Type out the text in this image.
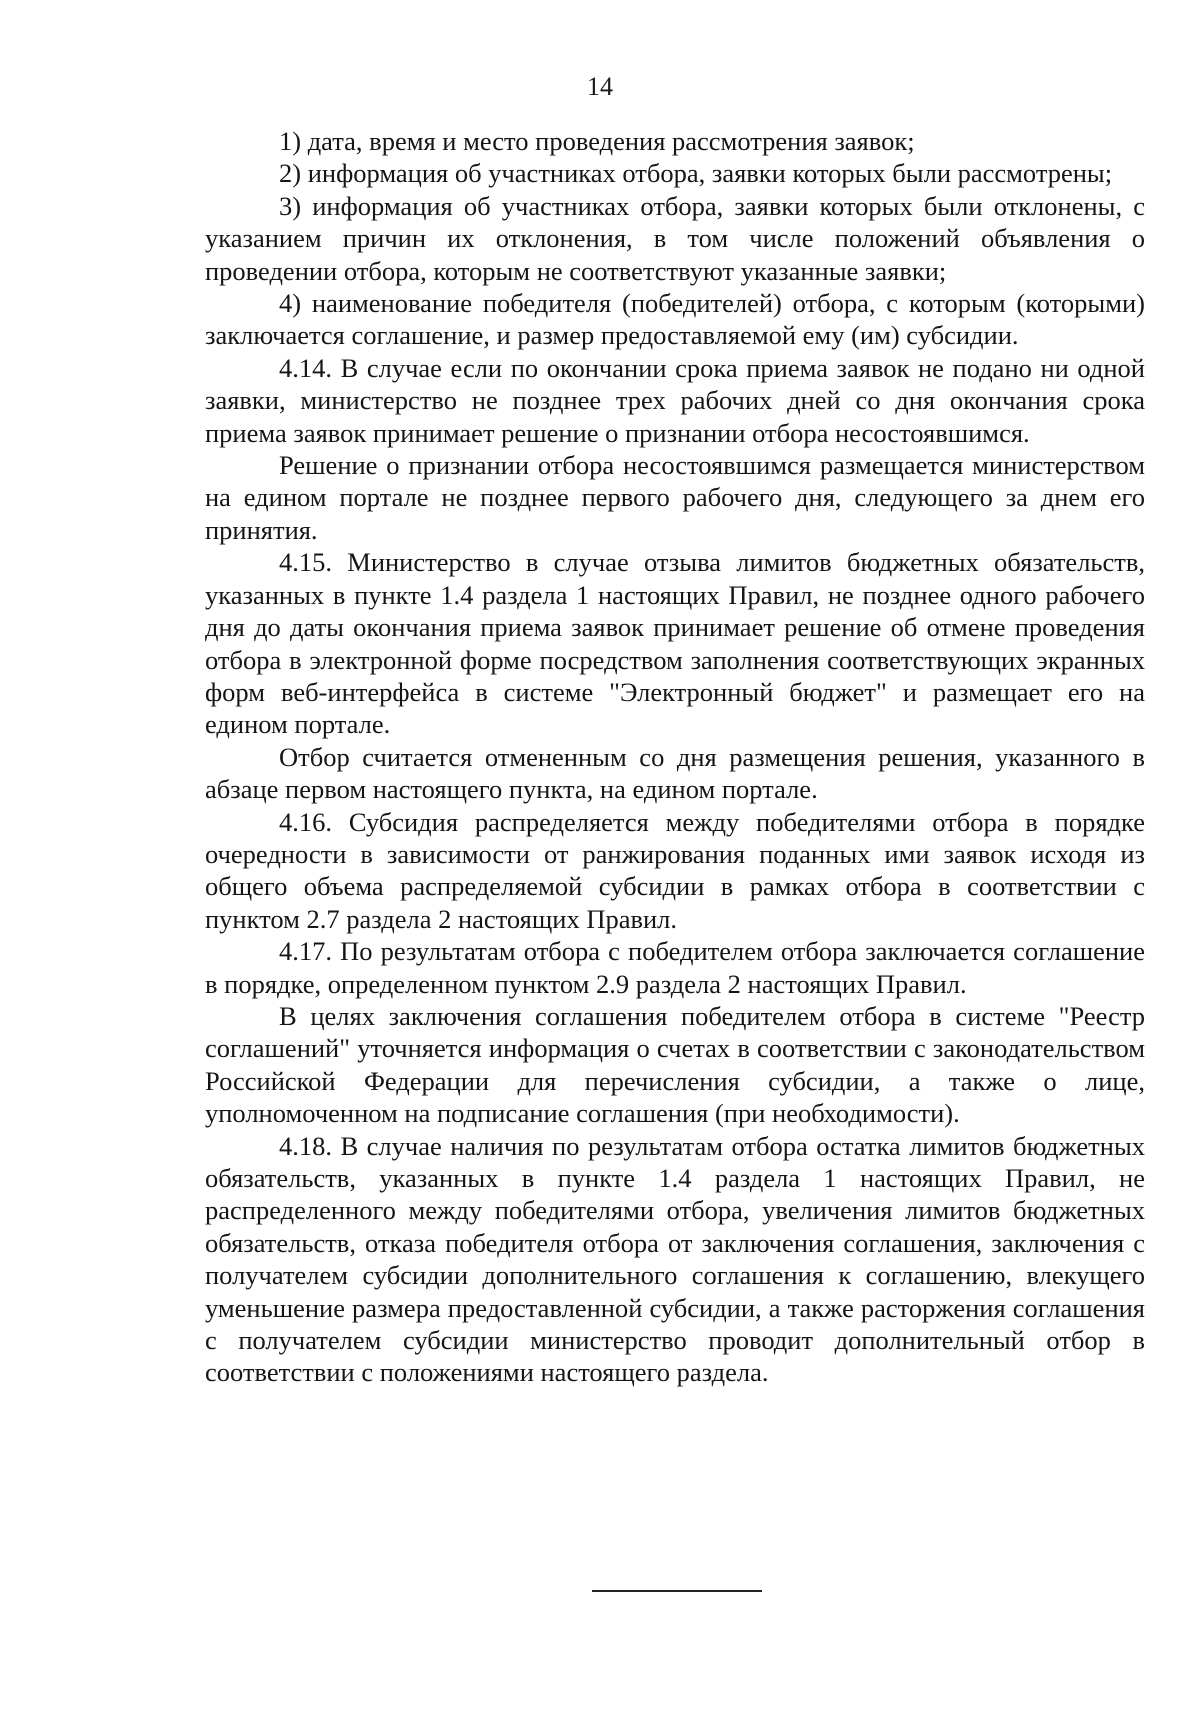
14

1) дата, время и место проведения рассмотрения заявок;

2) информация об участниках отбора, заявки которых были рассмотрены;

3) информация об участниках отбора, заявки которых были отклонены, с указанием причин их отклонения, в том числе положений объявления о проведении отбора, которым не соответствуют указанные заявки;

4) наименование победителя (победителей) отбора, с которым (которыми) заключается соглашение, и размер предоставляемой ему (им) субсидии.

4.14. В случае если по окончании срока приема заявок не подано ни одной заявки, министерство не позднее трех рабочих дней со дня окончания срока приема заявок принимает решение о признании отбора несостоявшимся.

Решение о признании отбора несостоявшимся размещается министерством на едином портале не позднее первого рабочего дня, следующего за днем его принятия.

4.15. Министерство в случае отзыва лимитов бюджетных обязательств, указанных в пункте 1.4 раздела 1 настоящих Правил, не позднее одного рабочего дня до даты окончания приема заявок принимает решение об отмене проведения отбора в электронной форме посредством заполнения соответствующих экранных форм веб-интерфейса в системе "Электронный бюджет" и размещает его на едином портале.

Отбор считается отмененным со дня размещения решения, указанного в абзаце первом настоящего пункта, на едином портале.

4.16. Субсидия распределяется между победителями отбора в порядке очередности в зависимости от ранжирования поданных ими заявок исходя из общего объема распределяемой субсидии в рамках отбора в соответствии с пунктом 2.7 раздела 2 настоящих Правил.

4.17. По результатам отбора с победителем отбора заключается соглашение в порядке, определенном пунктом 2.9 раздела 2 настоящих Правил.

В целях заключения соглашения победителем отбора в системе "Реестр соглашений" уточняется информация о счетах в соответствии с законодательством Российской Федерации для перечисления субсидии, а также о лице, уполномоченном на подписание соглашения (при необходимости).

4.18. В случае наличия по результатам отбора остатка лимитов бюджетных обязательств, указанных в пункте 1.4 раздела 1 настоящих Правил, не распределенного между победителями отбора, увеличения лимитов бюджетных обязательств, отказа победителя отбора от заключения соглашения, заключения с получателем субсидии дополнительного соглашения к соглашению, влекущего уменьшение размера предоставленной субсидии, а также расторжения соглашения с получателем субсидии министерство проводит дополнительный отбор в соответствии с положениями настоящего раздела.
